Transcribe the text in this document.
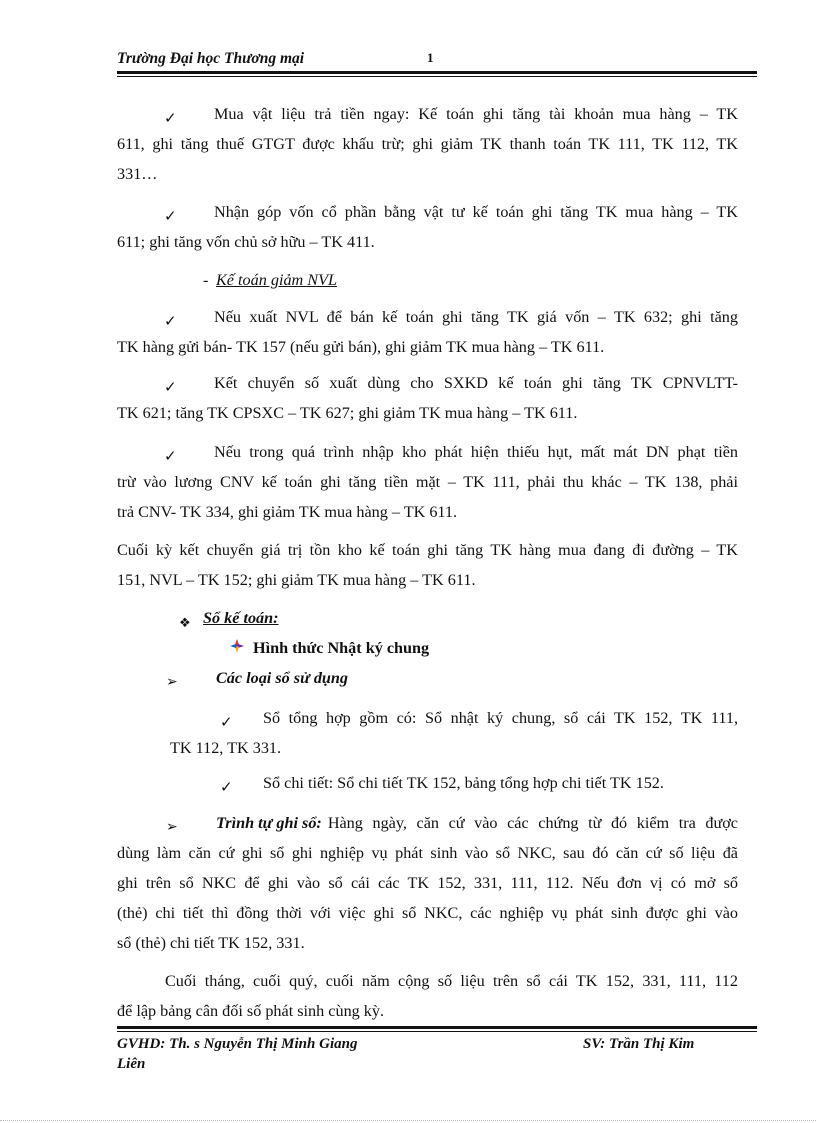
Trường Đại học Thương mại	1
✓ Mua vật liệu trả tiền ngay: Kế toán ghi tăng tài khoản mua hàng – TK
611, ghi tăng thuế GTGT được khấu trừ; ghi giảm TK thanh toán TK 111, TK 112, TK
331…
✓ Nhận góp vốn cổ phần bằng vật tư kế toán ghi tăng TK mua hàng – TK
611; ghi tăng vốn chủ sở hữu – TK 411.
- Kế toán giảm NVL
✓ Nếu xuất NVL để bán kế toán ghi tăng TK giá vốn – TK 632; ghi tăng
TK hàng gửi bán- TK 157 (nếu gửi bán), ghi giảm TK mua hàng – TK 611.
✓ Kết chuyển số xuất dùng cho SXKD kế toán ghi tăng TK CPNVLTT-
TK 621; tăng TK CPSXC – TK 627; ghi giảm TK mua hàng – TK 611.
✓ Nếu trong quá trình nhập kho phát hiện thiếu hụt, mất mát DN phạt tiền
trừ vào lương CNV kế toán ghi tăng tiền mặt – TK 111, phải thu khác – TK 138, phải
trả CNV- TK 334, ghi giảm TK mua hàng – TK 611.
Cuối kỳ kết chuyển giá trị tồn kho kế toán ghi tăng TK hàng mua đang đi đường – TK
151, NVL – TK 152; ghi giảm TK mua hàng – TK 611.
❖ Sổ kế toán:
Hình thức Nhật ký chung
➢ Các loại sổ sử dụng
✓ Sổ tổng hợp gồm có: Sổ nhật ký chung, sổ cái TK 152, TK 111,
TK 112, TK 331.
✓ Sổ chi tiết: Sổ chi tiết TK 152, bảng tổng hợp chi tiết TK 152.
➢ Trình tự ghi sổ: Hàng ngày, căn cứ vào các chứng từ đó kiểm tra được
dùng làm căn cứ ghi sổ ghi nghiệp vụ phát sinh vào sổ NKC, sau đó căn cứ số liệu đã
ghi trên sổ NKC để ghi vào sổ cái các TK 152, 331, 111, 112. Nếu đơn vị có mở sổ
(thẻ) chi tiết thì đồng thời với việc ghi sổ NKC, các nghiệp vụ phát sinh được ghi vào
sổ (thẻ) chi tiết TK 152, 331.
Cuối tháng, cuối quý, cuối năm cộng số liệu trên sổ cái TK 152, 331, 111, 112
để lập bảng cân đối số phát sinh cùng kỳ.
GVHD: Th. s Nguyễn Thị Minh Giang	SV: Trần Thị Kim
Liên
